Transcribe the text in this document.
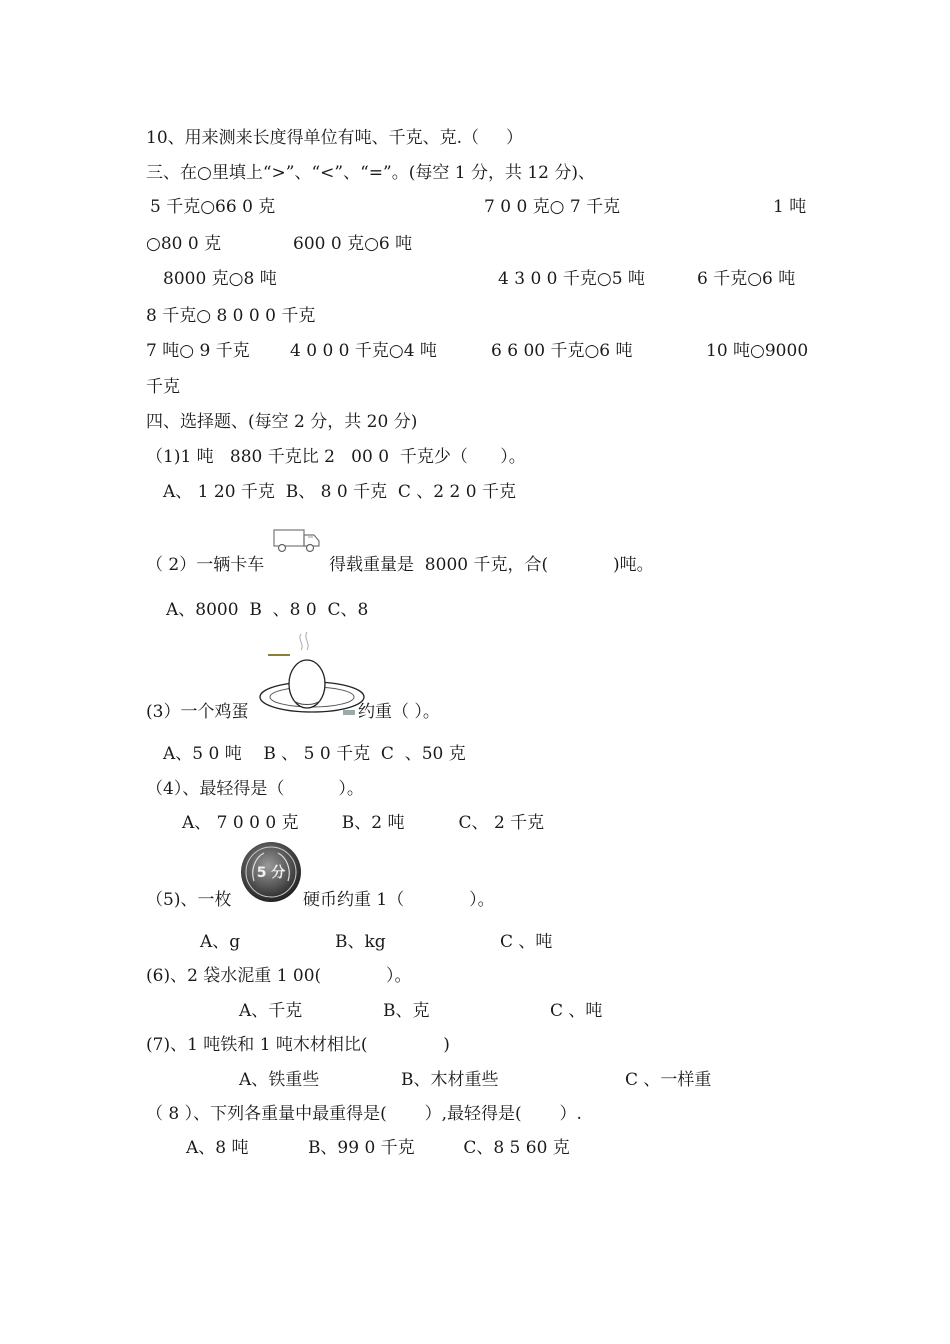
10、用来测来长度得单位有吨、千克、克.（     ）
三、在○里填上“>”、“<”、“=”。(每空 1 分，共 12 分)、
5 千克○66 0 克	7 0 0 克○ 7 千克	1 吨
○80 0 克	600 0 克○6 吨
8000 克○8 吨	4 3 0 0 千克○5 吨	6 千克○6 吨
8 千克○ 8 0 0 0 千克
7 吨○ 9 千克 4 0 0 0 千克○4 吨	6 6 00 千克○6 吨	10 吨○9000
千克
四、选择题、(每空 2 分，共 20 分)
（1)1 吨   880 千克比 2   00 0  千克少（      ）。
A、 1 20 千克  B、 8 0 千克  C 、2 2 0 千克
（ 2）一辆卡车	得载重量是  8000 千克，合(            )吨。
A、8000  B  、8 0  C、8
(3）一个鸡蛋	约重（ ）。
A、5 0 吨    B 、 5 0 千克  C  、50 克
（4）、最轻得是（          ）。
A、 7 0 0 0 克        B、2 吨          C、 2 千克
5 分
（5)、一枚	硬币约重 1（            ）。
A、g	B、kg	C 、吨
(6)、2 袋水泥重 1 00(            ）。
A、千克	B、克	C 、吨
(7)、1 吨铁和 1 吨木材相比(              )
A、铁重些	B、木材重些	C 、一样重
（ 8 ）、下列各重量中最重得是(       ）,最轻得是(       ）.
A、8 吨           B、99 0 千克         C、8 5 60 克
